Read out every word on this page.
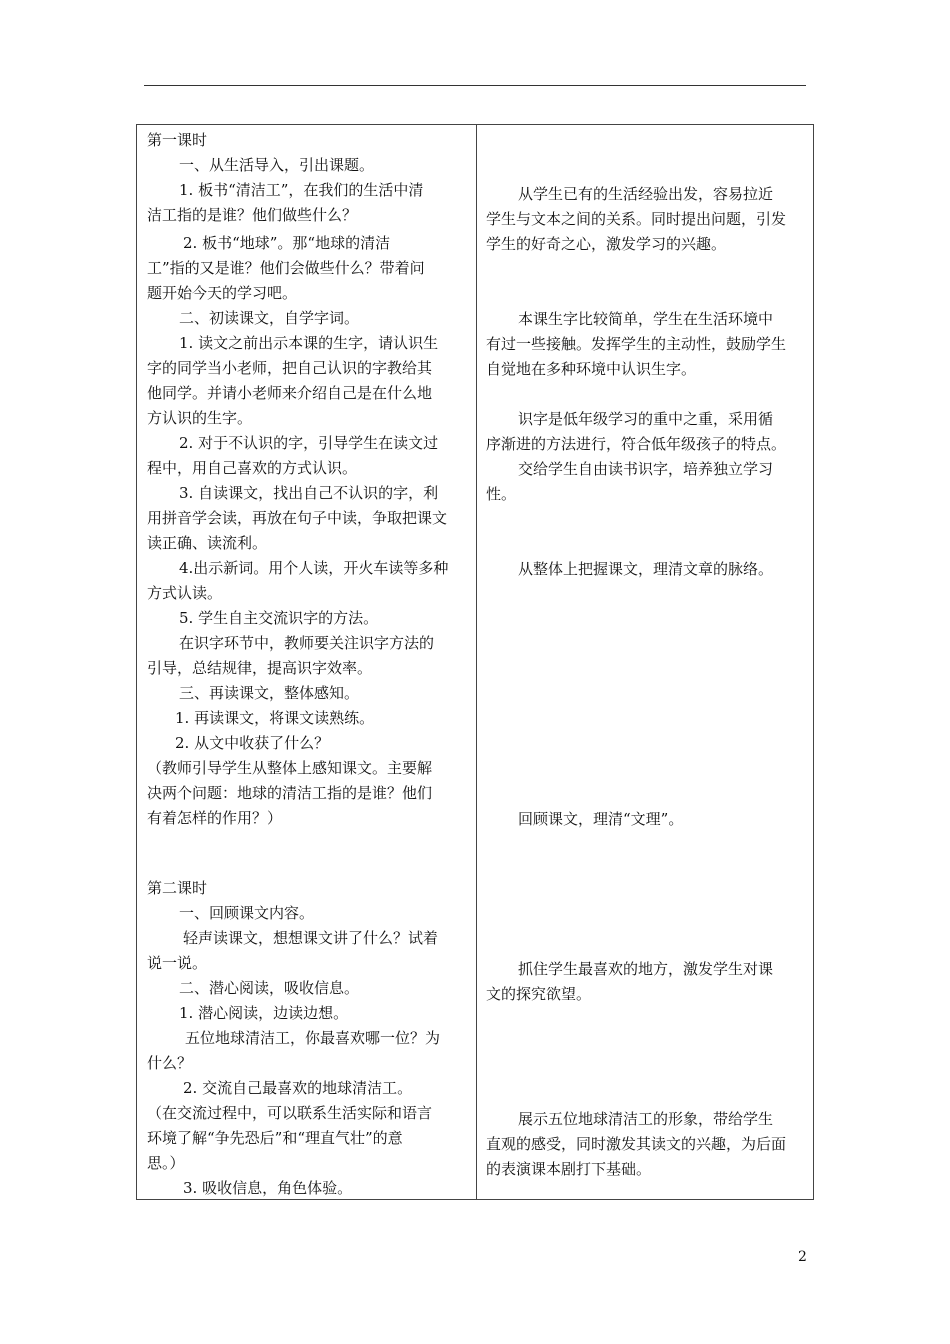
第一课时
一、从生活导入，引出课题。
1. 板书“清洁工”，在我们的生活中清
洁工指的是谁？他们做些什么？
2. 板书“地球”。那“地球的清洁
工”指的又是谁？他们会做些什么？带着问
题开始今天的学习吧。
二、初读课文，自学字词。
1. 读文之前出示本课的生字，请认识生
字的同学当小老师，把自己认识的字教给其
他同学。并请小老师来介绍自己是在什么地
方认识的生字。
2. 对于不认识的字，引导学生在读文过
程中，用自己喜欢的方式认识。
3. 自读课文，找出自己不认识的字，利
用拼音学会读，再放在句子中读，争取把课文
读正确、读流利。
4.出示新词。用个人读，开火车读等多种
方式认读。
5. 学生自主交流识字的方法。
在识字环节中，教师要关注识字方法的
引导，总结规律，提高识字效率。
三、再读课文，整体感知。
1. 再读课文，将课文读熟练。
2. 从文中收获了什么？
（教师引导学生从整体上感知课文。主要解
决两个问题：地球的清洁工指的是谁？他们
有着怎样的作用？）
第二课时
一、回顾课文内容。
轻声读课文，想想课文讲了什么？试着
说一说。
二、潜心阅读，吸收信息。
1. 潜心阅读，边读边想。
五位地球清洁工，你最喜欢哪一位？为
什么？
2. 交流自己最喜欢的地球清洁工。
（在交流过程中，可以联系生活实际和语言
环境了解“争先恐后”和“理直气壮”的意
思。）
3. 吸收信息，角色体验。
从学生已有的生活经验出发，容易拉近
学生与文本之间的关系。同时提出问题，引发
学生的好奇之心，激发学习的兴趣。
本课生字比较简单，学生在生活环境中
有过一些接触。发挥学生的主动性，鼓励学生
自觉地在多种环境中认识生字。
识字是低年级学习的重中之重，采用循
序渐进的方法进行，符合低年级孩子的特点。
交给学生自由读书识字，培养独立学习
性。
从整体上把握课文，理清文章的脉络。
回顾课文，理清“文理”。
抓住学生最喜欢的地方，激发学生对课
文的探究欲望。
展示五位地球清洁工的形象，带给学生
直观的感受，同时激发其读文的兴趣，为后面
的表演课本剧打下基础。
2
